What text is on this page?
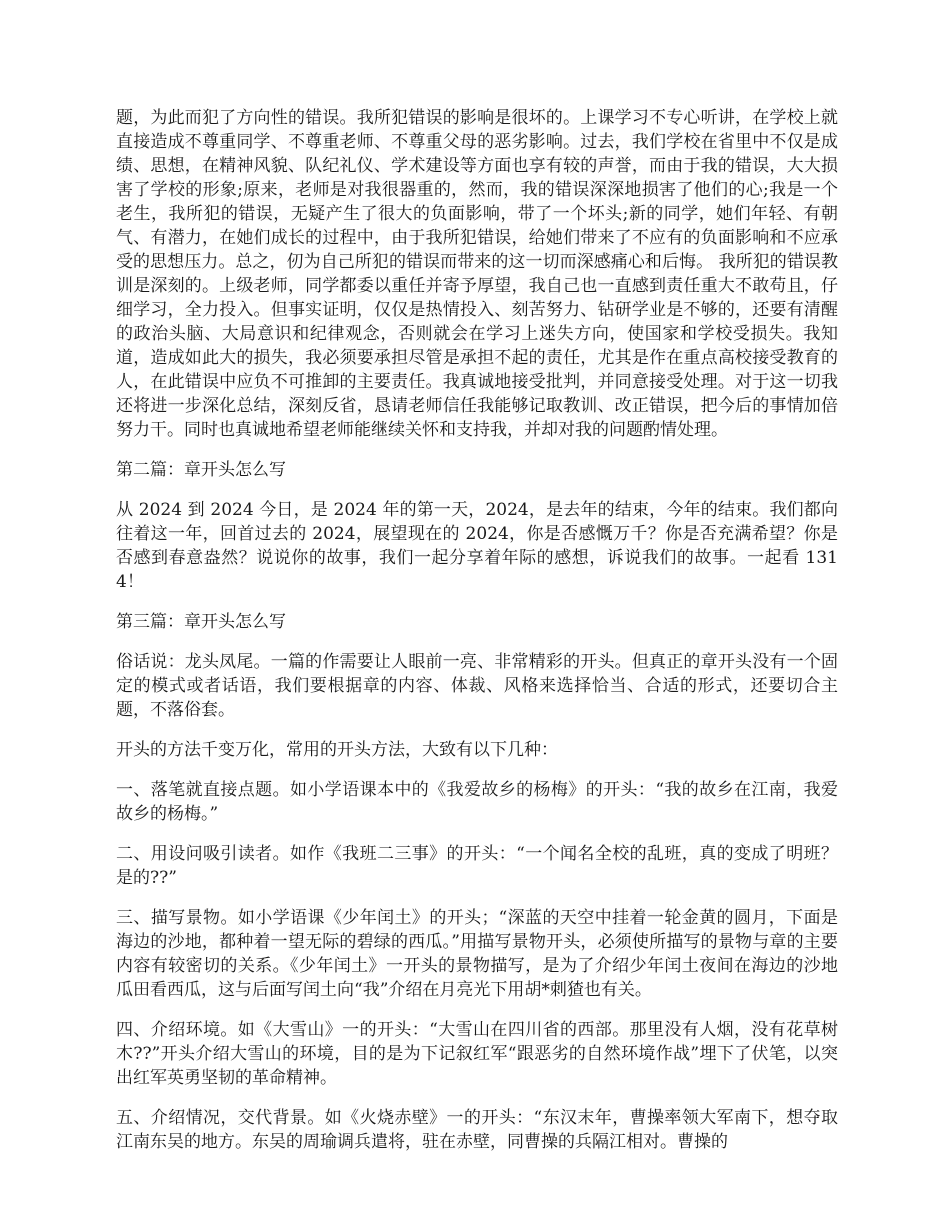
题，为此而犯了方向性的错误。我所犯错误的影响是很坏的。上课学习不专心听讲，在学校上就直接造成不尊重同学、不尊重老师、不尊重父母的恶劣影响。过去，我们学校在省里中不仅是成绩、思想，在精神风貌、队纪礼仪、学术建设等方面也享有较的声誉，而由于我的错误，大大损害了学校的形象;原来，老师是对我很器重的，然而，我的错误深深地损害了他们的心;我是一个老生，我所犯的错误，无疑产生了很大的负面影响，带了一个坏头;新的同学，她们年轻、有朝气、有潜力，在她们成长的过程中，由于我所犯错误，给她们带来了不应有的负面影响和不应承受的思想压力。总之，仞为自己所犯的错误而带来的这一切而深感痛心和后悔。 我所犯的错误教训是深刻的。上级老师，同学都委以重任并寄予厚望，我自己也一直感到责任重大不敢苟且，仔细学习，全力投入。但事实证明，仅仅是热情投入、刻苦努力、钻研学业是不够的，还要有清醒的政治头脑、大局意识和纪律观念，否则就会在学习上迷失方向，使国家和学校受损失。我知道，造成如此大的损失，我必须要承担尽管是承担不起的责任，尤其是作在重点高校接受教育的人，在此错误中应负不可推卸的主要责任。我真诚地接受批判，并同意接受处理。对于这一切我还将进一步深化总结，深刻反省，恳请老师信任我能够记取教训、改正错误，把今后的事情加倍努力干。同时也真诚地希望老师能继续关怀和支持我，并却对我的问题酌情处理。

第二篇：章开头怎么写

从 2024 到 2024 今日，是 2024 年的第一天，2024，是去年的结束，今年的结束。我们都向往着这一年，回首过去的 2024，展望现在的 2024，你是否感慨万千？你是否充满希望？你是否感到春意盎然？说说你的故事，我们一起分享着年际的感想，诉说我们的故事。一起看 1314！

第三篇：章开头怎么写

俗话说：龙头凤尾。一篇的作需要让人眼前一亮、非常精彩的开头。但真正的章开头没有一个固定的模式或者话语，我们要根据章的内容、体裁、风格来选择恰当、合适的形式，还要切合主题，不落俗套。

开头的方法千变万化，常用的开头方法，大致有以下几种：

一、落笔就直接点题。如小学语课本中的《我爱故乡的杨梅》的开头：“我的故乡在江南，我爱故乡的杨梅。”

二、用设问吸引读者。如作《我班二三事》的开头：“一个闻名全校的乱班，真的变成了明班？是的??”

三、描写景物。如小学语课《少年闰土》的开头；“深蓝的天空中挂着一轮金黄的圆月，下面是海边的沙地，都种着一望无际的碧绿的西瓜。”用描写景物开头，必须使所描写的景物与章的主要内容有较密切的关系。《少年闰土》一开头的景物描写，是为了介绍少年闰土夜间在海边的沙地瓜田看西瓜，这与后面写闰土向“我”介绍在月亮光下用胡*刺猹也有关。

四、介绍环境。如《大雪山》一的开头：“大雪山在四川省的西部。那里没有人烟，没有花草树木??”开头介绍大雪山的环境，目的是为下记叙红军“跟恶劣的自然环境作战”埋下了伏笔，以突出红军英勇坚韧的革命精神。

五、介绍情况，交代背景。如《火烧赤壁》一的开头：“东汉末年，曹操率领大军南下，想夺取江南东吴的地方。东吴的周瑜调兵遣将，驻在赤壁，同曹操的兵隔江相对。曹操的
